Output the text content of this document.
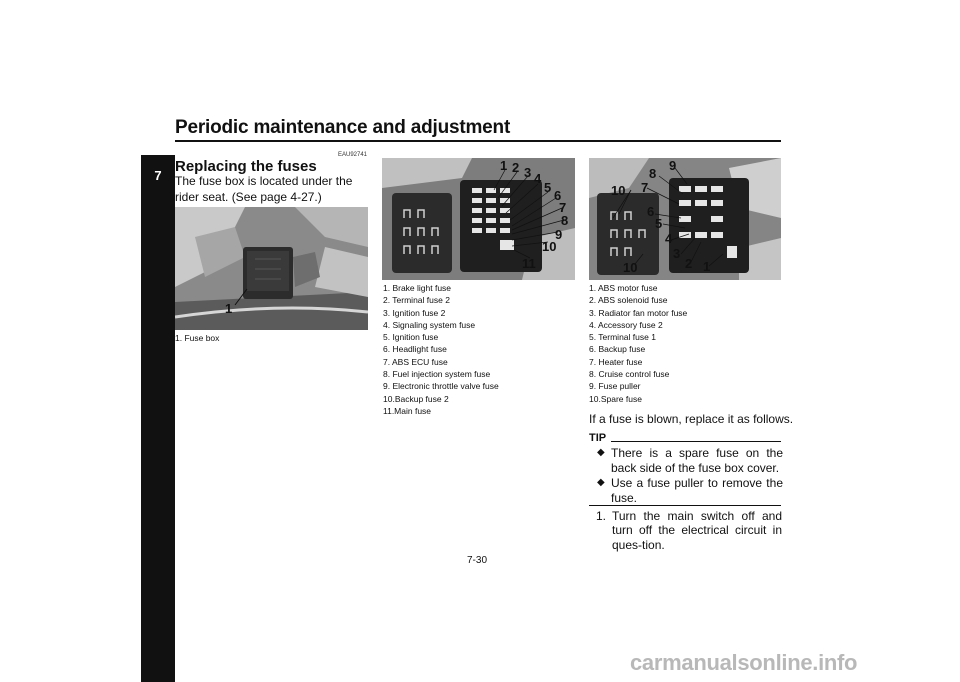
Periodic maintenance and adjustment
7
EAU92741
Replacing the fuses
The fuse box is located under the rider seat. (See page 4-27.)
1
1. Fuse box
1 2 3 4
5
6
7
8
9
10
11
1. Brake light fuse
2. Terminal fuse 2
3. Ignition fuse 2
4. Signaling system fuse
5. Ignition fuse
6. Headlight fuse
7. ABS ECU fuse
8. Fuel injection system fuse
9. Electronic throttle valve fuse
10.Backup fuse 2
11.Main fuse
9
8
10 7
6
5
4
3
2 1
10
1. ABS motor fuse
2. ABS solenoid fuse
3. Radiator fan motor fuse
4. Accessory fuse 2
5. Terminal fuse 1
6. Backup fuse
7. Heater fuse
8. Cruise control fuse
9. Fuse puller
10.Spare fuse
If a fuse is blown, replace it as follows.
TIP
◆ There is a spare fuse on the back side of the fuse box cover.
◆ Use a fuse puller to remove the fuse.
1. Turn the main switch off and turn off the electrical circuit in ques-tion.
7-30
carmanualsonline.info
